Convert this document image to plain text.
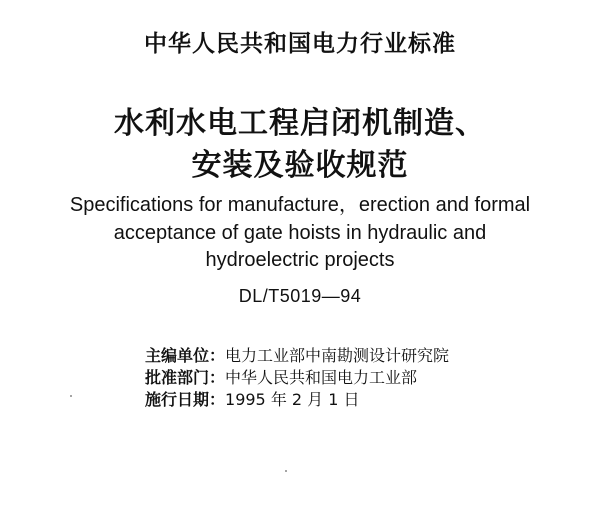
中华人民共和国电力行业标准
水利水电工程启闭机制造、
安装及验收规范
Specifications for manufacture，erection and formal
acceptance of gate hoists in hydraulic and
hydroelectric projects
DL/T5019—94
主编单位：电力工业部中南勘测设计研究院
批准部门：中华人民共和国电力工业部
施行日期：1995 年 2 月 1 日
